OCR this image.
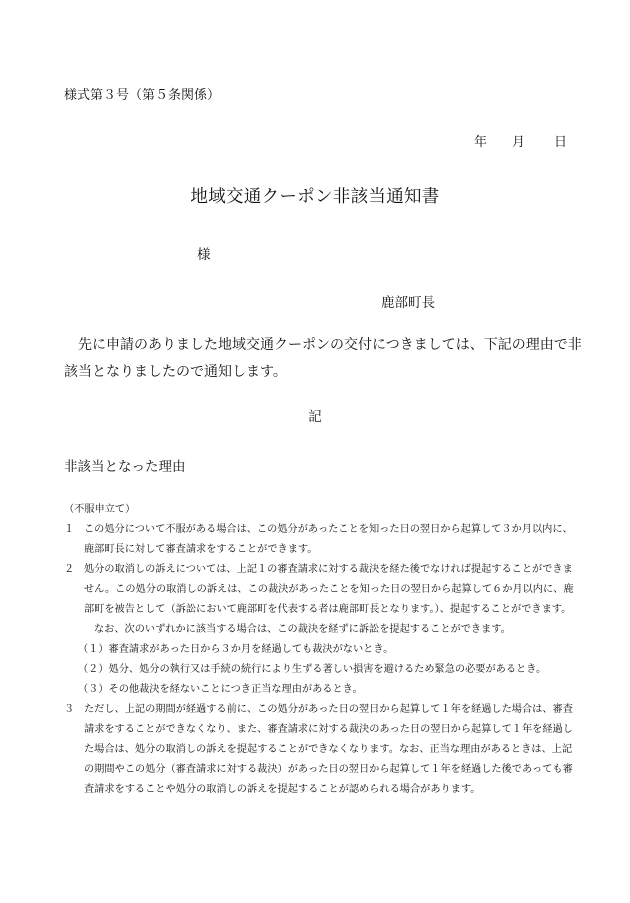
様式第３号（第５条関係）
年 月 日
地域交通クーポン非該当通知書
様
鹿部町長
先に申請のありました地域交通クーポンの交付につきましては、下記の理由で非該当となりましたので通知します。
記
非該当となった理由

（不服申立て）

１ この処分について不服がある場合は、この処分があったことを知った日の翌日から起算して３か月以内に、鹿部町長に対して審査請求をすることができます。

２ 処分の取消しの訴えについては、上記１の審査請求に対する裁決を経た後でなければ提起することができません。この処分の取消しの訴えは、この裁決があったことを知った日の翌日から起算して６か月以内に、鹿部町を被告として（訴訟において鹿部町を代表する者は鹿部町長となります。）、提起することができます。

なお、次のいずれかに該当する場合は、この裁決を経ずに訴訟を提起することができます。

（１）審査請求があった日から３か月を経過しても裁決がないとき。

（２）処分、処分の執行又は手続の続行により生ずる著しい損害を避けるため緊急の必要があるとき。

（３）その他裁決を経ないことにつき正当な理由があるとき。

３ ただし、上記の期間が経過する前に、この処分があった日の翌日から起算して１年を経過した場合は、審査請求をすることができなくなり、また、審査請求に対する裁決のあった日の翌日から起算して１年を経過した場合は、処分の取消しの訴えを提起することができなくなります。なお、正当な理由があるときは、上記の期間やこの処分（審査請求に対する裁決）があった日の翌日から起算して１年を経過した後であっても審査請求をすることや処分の取消しの訴えを提起することが認められる場合があります。
